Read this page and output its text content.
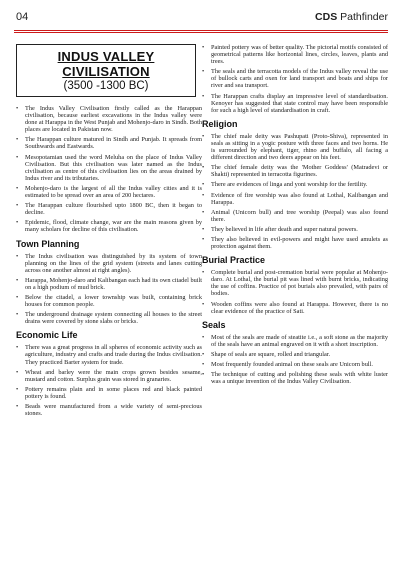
04	CDS Pathfinder
INDUS VALLEY CIVILISATION
(3500 -1300 BC)
• The Indus Valley Civilisation firstly called as the Harappan civilisation, because earliest excavations in the Indus valley were done at Harappa in the West Punjab and Mohenjo-daro in Sindh. Both places are located in Pakistan now.
• The Harappan culture matured in Sindh and Punjab. It spreads from Southwards and Eastwards.
• Mesopotamian used the word Meluha on the place of Indus Valley Civilisation. But this civilisation was later named as the Indus civilisation as centre of this civilisation lies on the areas drained by Indus river and its tributaries.
• Mohenjo-daro is the largest of all the Indus valley cities and it is estimated to be spread over an area of 200 hectares.
• The Harappan culture flourished upto 1800 BC, then it began to decline.
• Epidemic, flood, climate change, war are the main reasons given by many scholars for decline of this civilisation.
Town Planning
• The Indus civilisation was distinguished by its system of town planning on the lines of the grid system (streets and lanes cutting across one another almost at right angles).
• Harappa, Mohenjo-daro and Kalibangan each had its own citadel built on a high podium of mud brick.
• Below the citadel, a lower township was built, containing brick houses for common people.
• The underground drainage system connecting all houses to the street drains were covered by stone slabs or bricks.
Economic Life
• There was a great progress in all spheres of economic activity such as agriculture, industry and crafts and trade during the Indus civilisation. They practiced Barter system for trade.
• Wheat and barley were the main crops grown besides sesame, mustard and cotton. Surplus grain was stored in granaries.
• Pottery remains plain and in some places red and black painted pottery is found.
• Beads were manufactured from a wide variety of semi-precious stones.
• Painted pottery was of better quality. The pictorial motifs consisted of geometrical patterns like horizontal lines, circles, leaves, plants and trees.
• The seals and the terracotta models of the Indus valley reveal the use of bullock carts and oxen for land transport and boats and ships for river and sea transport.
• The Harappan crafts display an impressive level of standardisation. Kenoyer has suggested that state control may have been responsible for such a high level of standardisation in craft.
Religion
• The chief male deity was Pashupati (Proto-Shiva), represented in seals as sitting in a yogic posture with three faces and two horns. He is surrounded by elephant, tiger, rhino and buffalo, all facing a different direction and two deers appear on his feet.
• The chief female deity was the 'Mother Goddess' (Matradevi or Shakti) represented in terracotta figurines.
• There are evidences of linga and yoni worship for the fertility.
• Evidence of fire worship was also found at Lothal, Kalibangan and Harappa.
• Animal (Unicorn bull) and tree worship (Peepal) was also found there.
• They believed in life after death and super natural powers.
• They also believed in evil-powers and might have used amulets as protection against them.
Burial Practice
• Complete burial and post-cremation burial were popular at Mohenjo-daro. At Lothal, the burial pit was lined with burnt bricks, indicating the use of coffins. Practice of pot burials also prevailed, with pairs of bodies.
• Wooden coffins were also found at Harappa. However, there is no clear evidence of the practice of Sati.
Seals
• Most of the seals are made of steatite i.e., a soft stone as the majority of the seals have an animal engraved on it with a short inscription.
• Shape of seals are square, rolled and triangular.
• Most frequently founded animal on these seals are Unicorn bull.
• The technique of cutting and polishing these seals with white luster was a unique invention of the Indus Valley Civilisation.
